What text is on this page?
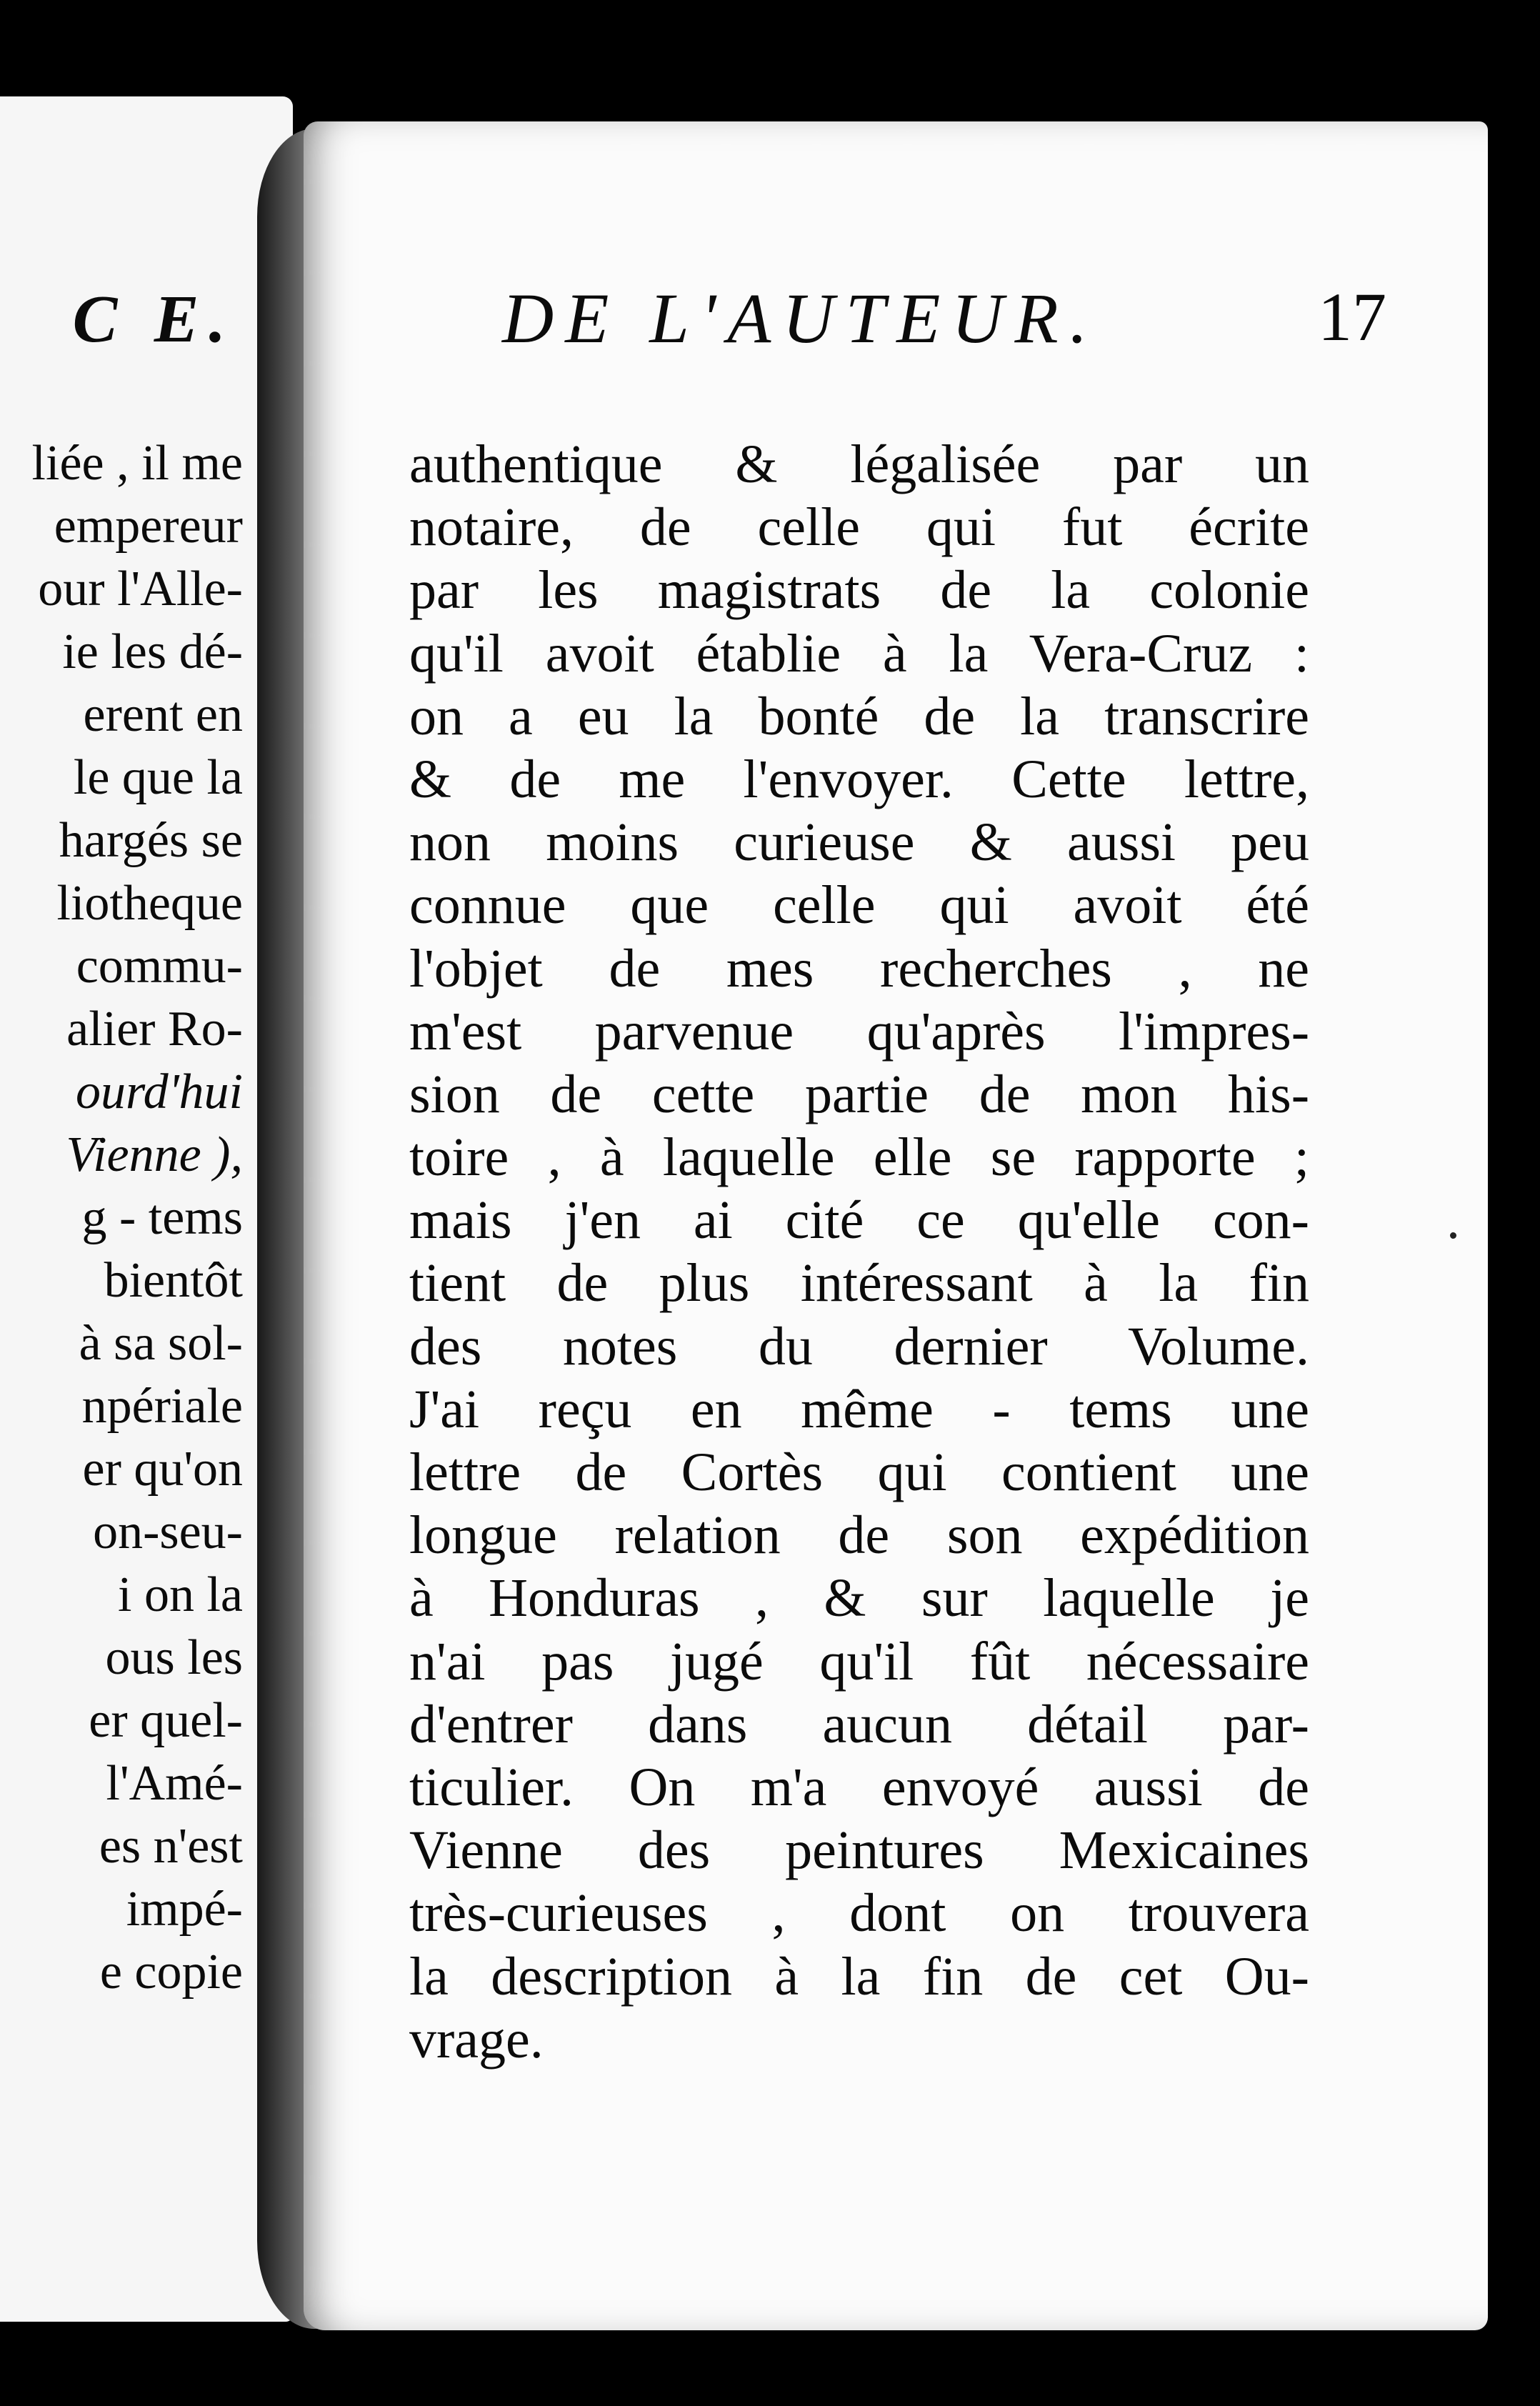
C E.
liée , il me
empereur
our l'Alle-
ie les dé-
erent en
le que la
hargés se
liotheque
commu-
alier Ro-
ourd'hui
Vienne ),
g - tems
bientôt
à sa sol-
npériale
er qu'on
on-seu-
i on la
ous les
er quel-
l'Amé-
es n'est
impé-
e copie
DE L'AUTEUR.	17
authentique & légalisée par un
notaire, de celle qui fut écrite
par les magistrats de la colonie
qu'il avoit établie à la Vera-Cruz :
on a eu la bonté de la transcrire
& de me l'envoyer. Cette lettre,
non moins curieuse & aussi peu
connue que celle qui avoit été
l'objet de mes recherches , ne
m'est parvenue qu'après l'impres-
sion de cette partie de mon his-
toire , à laquelle elle se rapporte ;
mais j'en ai cité ce qu'elle con-
tient de plus intéressant à la fin
des notes du dernier Volume.
J'ai reçu en même - tems une
lettre de Cortès qui contient une
longue relation de son expédition
à Honduras , & sur laquelle je
n'ai pas jugé qu'il fût nécessaire
d'entrer dans aucun détail par-
ticulier. On m'a envoyé aussi de
Vienne des peintures Mexicaines
très-curieuses , dont on trouvera
la description à la fin de cet Ou-
vrage.
